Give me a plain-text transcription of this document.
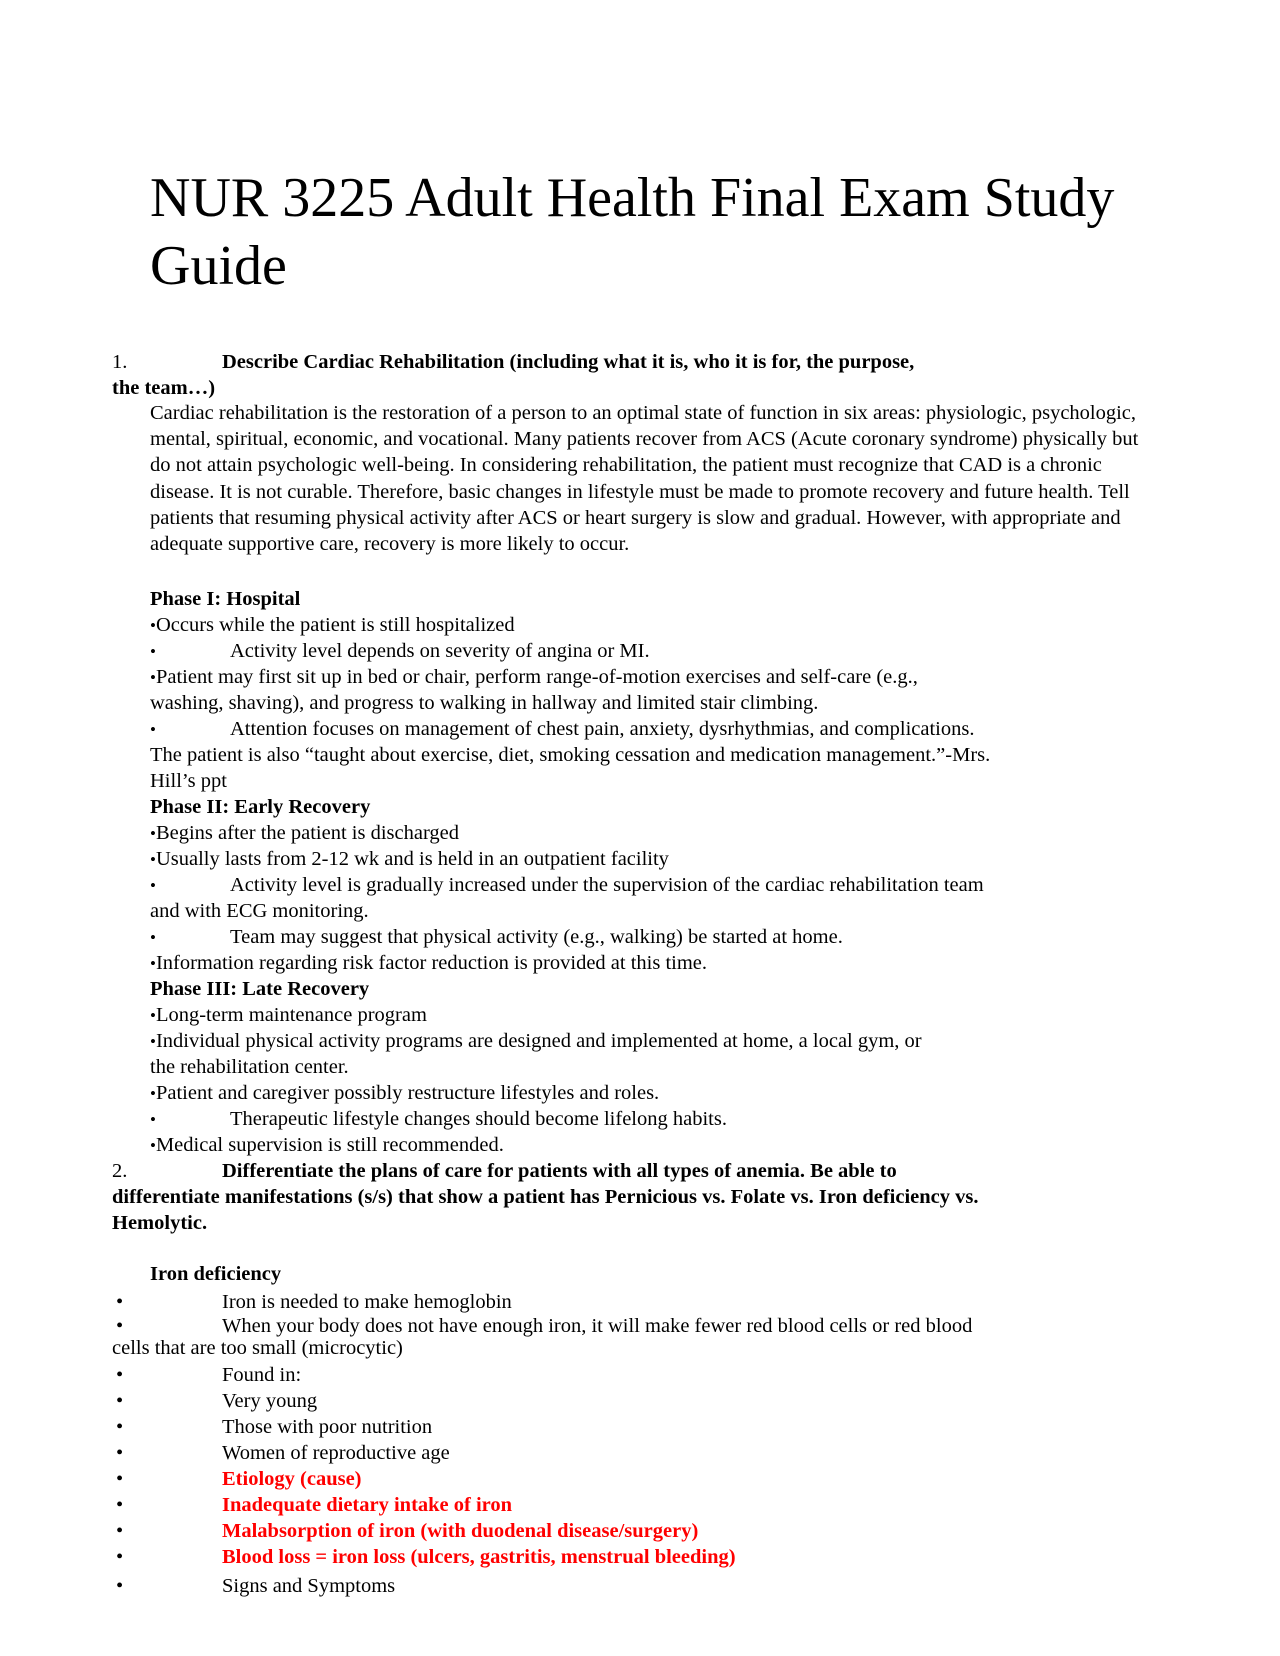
NUR 3225 Adult Health Final Exam Study Guide
1.	Describe Cardiac Rehabilitation (including what it is, who it is for, the purpose,
the team…)
Cardiac rehabilitation is the restoration of a person to an optimal state of function in six areas: physiologic, psychologic, mental, spiritual, economic, and vocational. Many patients recover from ACS (Acute coronary syndrome) physically but do not attain psychologic well-being. In considering rehabilitation, the patient must recognize that CAD is a chronic disease. It is not curable. Therefore, basic changes in lifestyle must be made to promote recovery and future health. Tell patients that resuming physical activity after ACS or heart surgery is slow and gradual. However, with appropriate and adequate supportive care, recovery is more likely to occur.
Phase I: Hospital
•Occurs while the patient is still hospitalized
•	Activity level depends on severity of angina or MI.
•Patient may first sit up in bed or chair, perform range-of-motion exercises and self-care (e.g.,
washing, shaving), and progress to walking in hallway and limited stair climbing.
•	Attention focuses on management of chest pain, anxiety, dysrhythmias, and complications.
The patient is also “taught about exercise, diet, smoking cessation and medication management.”-Mrs.
Hill’s ppt
Phase II: Early Recovery
•Begins after the patient is discharged
•Usually lasts from 2-12 wk and is held in an outpatient facility
•	Activity level is gradually increased under the supervision of the cardiac rehabilitation team
and with ECG monitoring.
•	Team may suggest that physical activity (e.g., walking) be started at home.
•Information regarding risk factor reduction is provided at this time.
Phase III: Late Recovery
•Long-term maintenance program
•Individual physical activity programs are designed and implemented at home, a local gym, or
the rehabilitation center.
•Patient and caregiver possibly restructure lifestyles and roles.
•	Therapeutic lifestyle changes should become lifelong habits.
•Medical supervision is still recommended.
2.	Differentiate the plans of care for patients with all types of anemia. Be able to
differentiate manifestations (s/s) that show a patient has Pernicious vs. Folate vs. Iron deficiency vs.
Hemolytic.
Iron deficiency
•	Iron is needed to make hemoglobin
•	When your body does not have enough iron, it will make fewer red blood cells or red blood
cells that are too small (microcytic)
•	Found in:
•	Very young
•	Those with poor nutrition
•	Women of reproductive age
•	Etiology (cause)
•	Inadequate dietary intake of iron
•	Malabsorption of iron (with duodenal disease/surgery)
•	Blood loss = iron loss (ulcers, gastritis, menstrual bleeding)
•	Signs and Symptoms
